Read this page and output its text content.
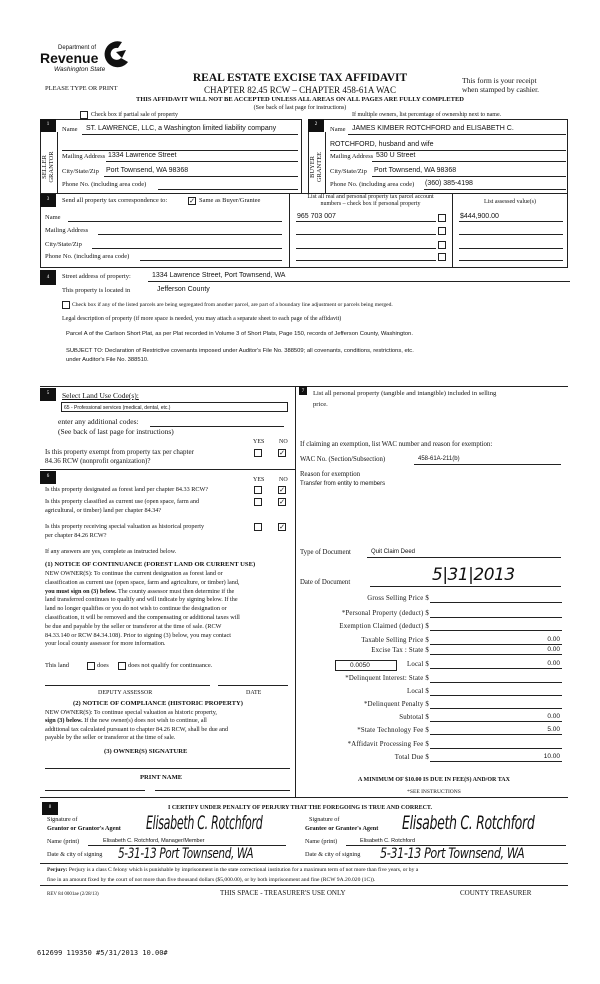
Department of
Revenue
Washington State
PLEASE TYPE OR PRINT
REAL ESTATE EXCISE TAX AFFIDAVIT
CHAPTER 82.45 RCW – CHAPTER 458-61A WAC
This form is your receipt
when stamped by cashier.
THIS AFFIDAVIT WILL NOT BE ACCEPTED UNLESS ALL AREAS ON ALL PAGES ARE FULLY COMPLETED
(See back of last page for instructions)
Check box if partial sale of property	If multiple owners, list percentage of ownership next to name.
1
SELLER
GRANTOR
Name ST. LAWRENCE, LLC, a Washington limited liability company
Mailing Address 1334 Lawrence Street
City/State/Zip Port Townsend, WA 98368
Phone No. (including area code)
2
BUYER
GRANTEE
Name JAMES KIMBER ROTCHFORD and ELISABETH C.
ROTCHFORD, husband and wife
Mailing Address 530 U Street
City/State/Zip Port Townsend, WA 98368
Phone No. (including area code) (360) 385-4198
3	Send all property tax correspondence to:	✓ Same as Buyer/Grantee	List all real and personal property tax parcel account
numbers – check box if personal property	List assessed value(s)
Name	965 703 007	$444,900.00
Mailing Address
City/State/Zip
Phone No. (including area code)
4	Street address of property:	1334 Lawrence Street, Port Townsend, WA
This property is located in	Jefferson County
Check box if any of the listed parcels are being segregated from another parcel, are part of a boundary line adjustment or parcels being merged.
Legal description of property (if more space is needed, you may attach a separate sheet to each page of the affidavit)
Parcel A of the Carlson Short Plat, as per Plat recorded in Volume 3 of Short Plats, Page 150, records of Jefferson County, Washington.
SUBJECT TO: Declaration of Restrictive covenants imposed under Auditor's File No. 388509; all covenants, conditions, restrictions, etc.
under Auditor's File No. 388510.
5	Select Land Use Code(s):
65 - Professional services (medical, dental, etc.)
enter any additional codes:
(See back of last page for instructions)
YES NO
Is this property exempt from property tax per chapter
84.36 RCW (nonprofit organization)?
✓
6
YES NO
Is this property designated as forest land per chapter 84.33 RCW?	✓
Is this property classified as current use (open space, farm and
agricultural, or timber) land per chapter 84.34?
✓
Is this property receiving special valuation as historical property
per chapter 84.26 RCW?
✓
If any answers are yes, complete as instructed below.
(1) NOTICE OF CONTINUANCE (FOREST LAND OR CURRENT USE)
NEW OWNER(S): To continue the current designation as forest land or
classification as current use (open space, farm and agriculture, or timber) land,
you must sign on (3) below. The county assessor must then determine if the
land transferred continues to qualify and will indicate by signing below. If the
land no longer qualifies or you do not wish to continue the designation or
classification, it will be removed and the compensating or additional taxes will
be due and payable by the seller or transferor at the time of sale. (RCW
84.33.140 or RCW 84.34.108). Prior to signing (3) below, you may contact
your local county assessor for more information.
This land	does	does not qualify for continuance.
DEPUTY ASSESSOR	DATE
(2) NOTICE OF COMPLIANCE (HISTORIC PROPERTY)
NEW OWNER(S): To continue special valuation as historic property,
sign (3) below. If the new owner(s) does not wish to continue, all
additional tax calculated pursuant to chapter 84.26 RCW, shall be due and
payable by the seller or transferor at the time of sale.
(3) OWNER(S) SIGNATURE
PRINT NAME
7	List all personal property (tangible and intangible) included in selling
price.
If claiming an exemption, list WAC number and reason for exemption:
WAC No. (Section/Subsection)	458-61A-211(b)
Reason for exemption
Transfer from entity to members
Type of Document	Quit Claim Deed
Date of Document	5|31|2013
0.0050
Gross Selling Price $
*Personal Property (deduct) $
Exemption Claimed (deduct) $
Taxable Selling Price $	0.00
Excise Tax : State $	0.00
Local $	0.00
*Delinquent Interest: State $
Local $
*Delinquent Penalty $
Subtotal $	0.00
*State Technology Fee $	5.00
*Affidavit Processing Fee $
Total Due $	10.00
A MINIMUM OF $10.00 IS DUE IN FEE(S) AND/OR TAX
*SEE INSTRUCTIONS
8	I CERTIFY UNDER PENALTY OF PERJURY THAT THE FOREGOING IS TRUE AND CORRECT.
Signature of
Grantor or Grantor's Agent Elisabeth C. Rotchford	Signature of
Grantee or Grantee's Agent Elisabeth C. Rotchford
Name (print)	Elisabeth C. Rotchford, Manager/Member	Name (print)	Elisabeth C. Rotchford
Date & city of signing 5-31-13 Port Townsend, WA	Date & city of signing 5-31-13 Port Townsend, WA
Perjury: Perjury is a class C felony which is punishable by imprisonment in the state correctional institution for a maximum term of not more than five years, or by a
fine in an amount fixed by the court of not more than five thousand dollars ($5,000.00), or by both imprisonment and fine (RCW 9A.20.020 (1C)).
REV 84 0001ae (2/28/13)	THIS SPACE - TREASURER'S USE ONLY	COUNTY TREASURER
612699 119350 #5/31/2013 10.00#
